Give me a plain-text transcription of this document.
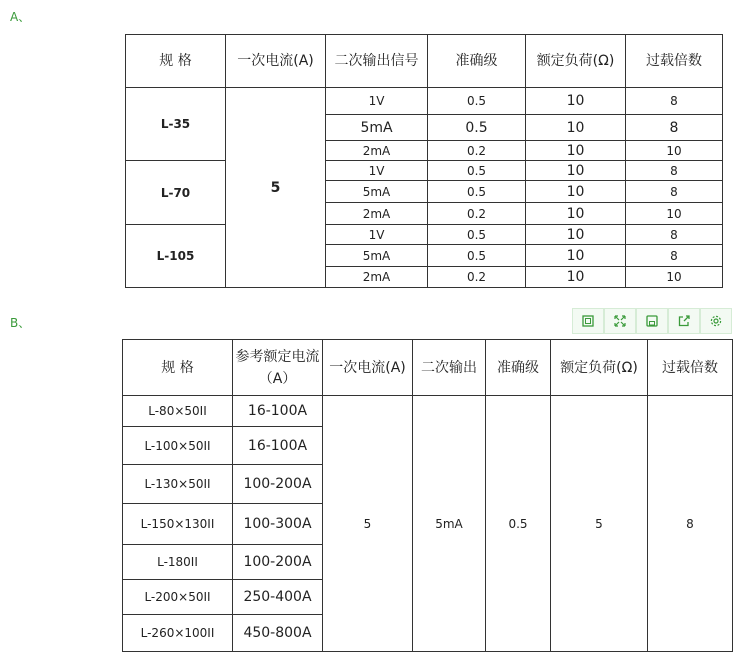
A、
规 格	一次电流(A)	二次输出信号	准确级	额定负荷(Ω)	过载倍数
L-35	5	1V	0.5	10	8
		5mA	0.5	10	8
		2mA	0.2	10	10
L-70		1V	0.5	10	8
		5mA	0.5	10	8
		2mA	0.2	10	10
L-105		1V	0.5	10	8
		5mA	0.5	10	8
		2mA	0.2	10	10
B、
规 格	参考额定电流（A）	一次电流(A)	二次输出	准确级	额定负荷(Ω)	过载倍数
L-80×50II	16-100A	5	5mA	0.5	5	8
L-100×50II	16-100A					
L-130×50II	100-200A					
L-150×130II	100-300A					
L-180II	100-200A					
L-200×50II	250-400A					
L-260×100II	450-800A					
